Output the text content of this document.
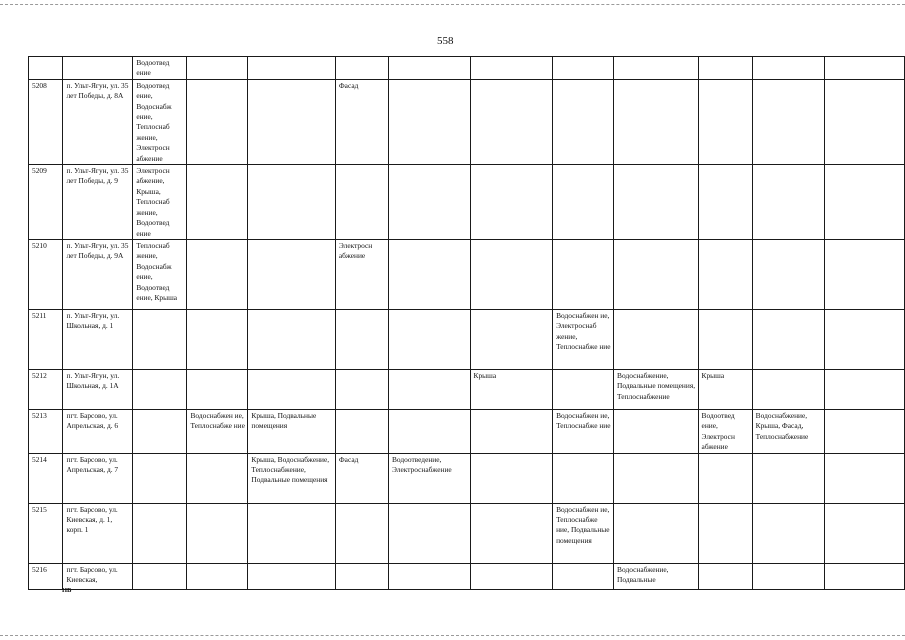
558
		Водоотвед ение										
5208	п. Ульт-Ягун, ул. 35 лет Победы, д. 8А	Водоотвед ение, Водоснабж ение, Теплоснаб жение, Электросн абжение			Фасад							
5209	п. Ульт-Ягун, ул. 35 лет Победы, д. 9	Электросн абжение, Крыша, Теплоснаб жение, Водоотвед ение										
5210	п. Ульт-Ягун, ул. 35 лет Победы, д. 9А	Теплоснаб жение, Водоснабж ение, Водоотвед ение, Крыша			Электросн абжение							
5211	п. Ульт-Ягун, ул. Школьная, д. 1							Водоснабжен ие, Электроснаб жение, Теплоснабже ние				
5212	п. Ульт-Ягун, ул. Школьная, д. 1А						Крыша		Водоснабжение, Подвальные помещения, Теплоснабжение	Крыша		
5213	пгт. Барсово, ул. Апрельская, д. 6		Водоснабжен ие, Теплоснабже ние	Крыша, Подвальные помещения				Водоснабжен ие, Теплоснабже ние		Водоотвед ение, Электросн абжение	Водоснабжение, Крыша, Фасад, Теплоснабжение	
5214	пгт. Барсово, ул. Апрельская, д. 7			Крыша, Водоснабжение, Теплоснабжение, Подвальные помещения	Фасад	Водоотведение, Электроснабжение						
5215	пгт. Барсово, ул. Киевская, д. 1, корп. 1							Водоснабжен ие, Теплоснабже ние, Подвальные помещения				
5216	пгт. Барсово, ул. Киевская,								Водоснабжение, Подвальные			
НВ
